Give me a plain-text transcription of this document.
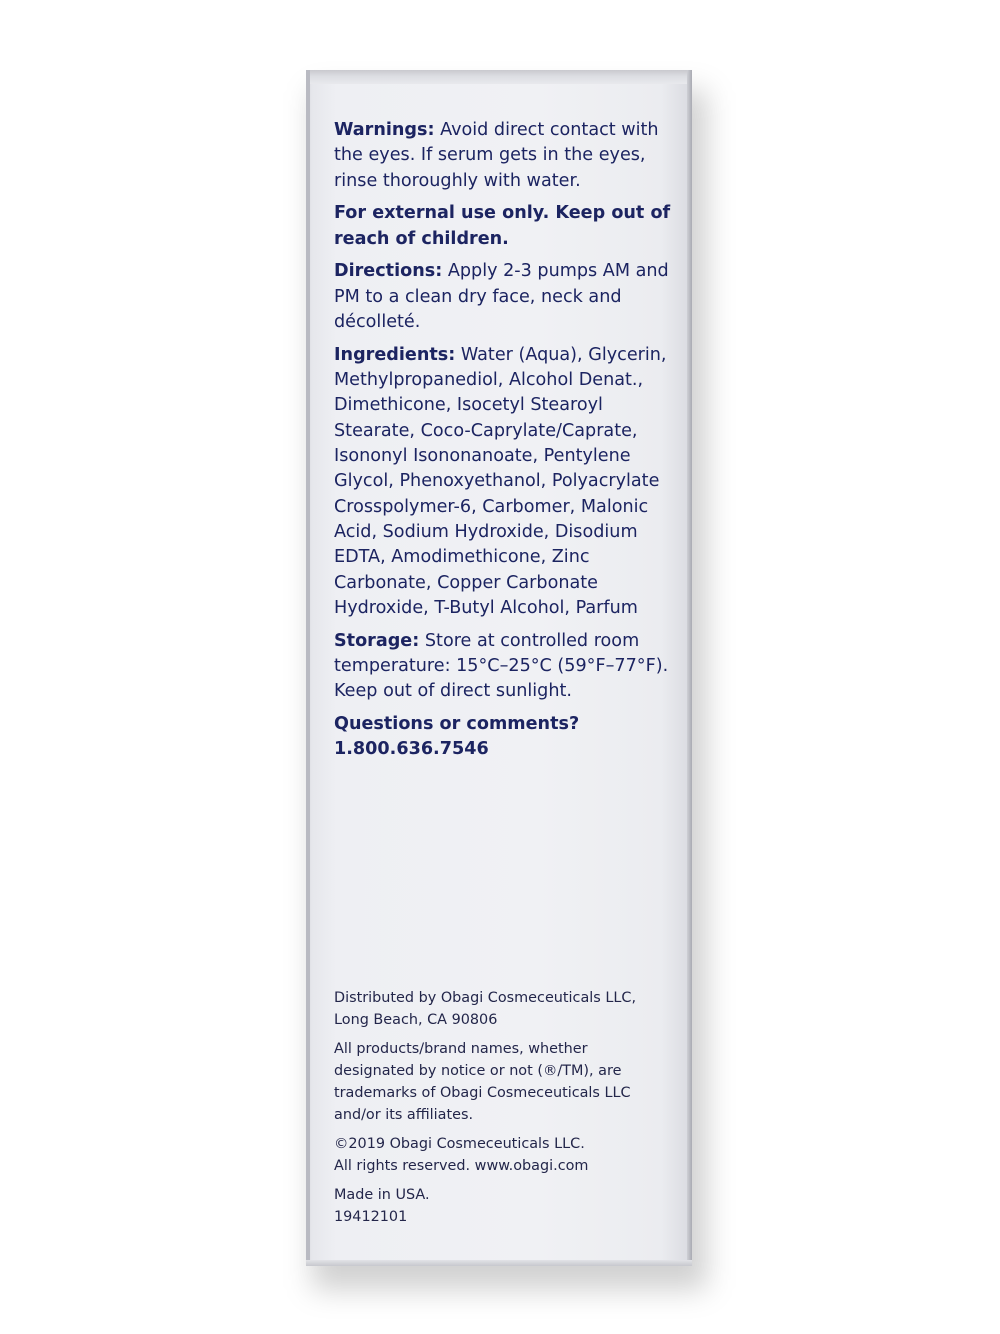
Warnings: Avoid direct contact with the eyes. If serum gets in the eyes, rinse thoroughly with water.

For external use only. Keep out of reach of children.

Directions: Apply 2-3 pumps AM and PM to a clean dry face, neck and décolleté.

Ingredients: Water (Aqua), Glycerin, Methylpropanediol, Alcohol Denat., Dimethicone, Isocetyl Stearoyl Stearate, Coco-Caprylate/Caprate, Isononyl Isononanoate, Pentylene Glycol, Phenoxyethanol, Polyacrylate Crosspolymer-6, Carbomer, Malonic Acid, Sodium Hydroxide, Disodium EDTA, Amodimethicone, Zinc Carbonate, Copper Carbonate Hydroxide, T-Butyl Alcohol, Parfum

Storage: Store at controlled room temperature: 15°C–25°C (59°F–77°F). Keep out of direct sunlight.

Questions or comments?
1.800.636.7546

Distributed by Obagi Cosmeceuticals LLC,
Long Beach, CA 90806

All products/brand names, whether
designated by notice or not (®/TM), are
trademarks of Obagi Cosmeceuticals LLC
and/or its affiliates.

©2019 Obagi Cosmeceuticals LLC.
All rights reserved. www.obagi.com

Made in USA.
19412101
